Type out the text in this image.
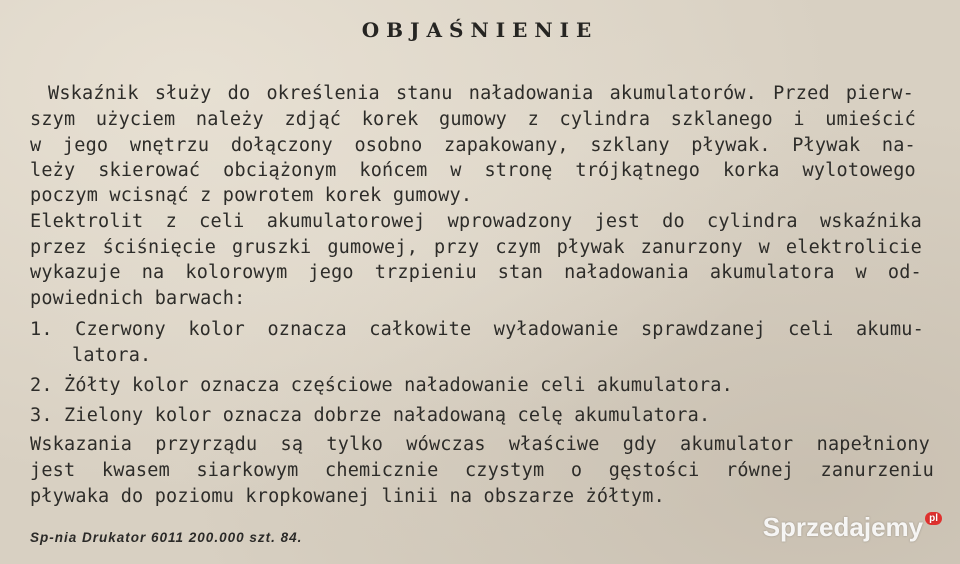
OBJAŚNIENIE
Wskaźnik służy do określenia stanu naładowania akumulatorów. Przed pierw-
szym użyciem należy zdjąć korek gumowy z cylindra szklanego i umieścić
w jego wnętrzu dołączony osobno zapakowany, szklany pływak. Pływak na-
leży skierować obciążonym końcem w stronę trójkątnego korka wylotowego
poczym wcisnąć z powrotem korek gumowy.
Elektrolit z celi akumulatorowej wprowadzony jest do cylindra wskaźnika
przez ściśnięcie gruszki gumowej, przy czym pływak zanurzony w elektrolicie
wykazuje na kolorowym jego trzpieniu stan naładowania akumulatora w od-
powiednich barwach:
1. Czerwony kolor oznacza całkowite wyładowanie sprawdzanej celi akumu-
latora.
2. Żółty kolor oznacza częściowe naładowanie celi akumulatora.
3. Zielony kolor oznacza dobrze naładowaną celę akumulatora.
Wskazania przyrządu są tylko wówczas właściwe gdy akumulator napełniony
jest kwasem siarkowym chemicznie czystym o gęstości równej zanurzeniu
pływaka do poziomu kropkowanej linii na obszarze żółtym.
Sp-nia Drukator 6011 200.000 szt. 84.	Sprzedajemy pl
